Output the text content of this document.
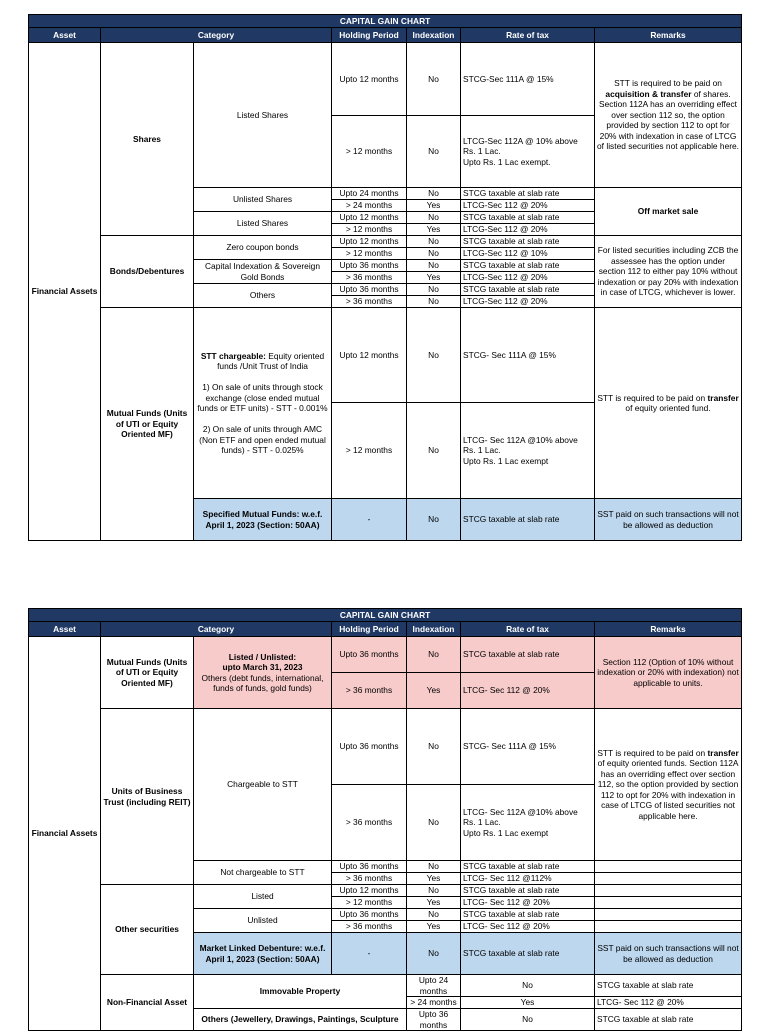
CAPITAL GAIN CHART						
Asset	Category		Holding Period	Indexation	Rate of tax	Remarks
Financial Assets	Shares	Listed Shares	Upto 12 months	No	STCG-Sec 111A @ 15%	STT is required to be paid on acquisition & transfer of shares. Section 112A has an overriding effect over section 112 so, the option provided by section 112 to opt for 20% with indexation in case of LTCG of listed securities not applicable here.
			> 12 months	No	LTCG-Sec 112A @ 10% above
Rs. 1 Lac.
Upto Rs. 1 Lac exempt.	

		Unlisted Shares	Upto 24 months	No	STCG taxable at slab rate	Off market sale
			> 24 months	Yes	LTCG-Sec 112 @ 20%	
		Listed Shares	Upto 12 months	No	STCG taxable at slab rate	
			> 12 months	Yes	LTCG-Sec 112 @ 20%	
	Bonds/Debentures	Zero coupon bonds	Upto 12 months	No	STCG taxable at slab rate	For listed securities including ZCB the assessee has the option under section 112 to either pay 10% without indexation or pay 20% with indexation in case of LTCG, whichever is lower.
			> 12 months	No	LTCG-Sec 112 @ 10%	
		Capital Indexation & Sovereign Gold Bonds	Upto 36 months	No	STCG taxable at slab rate	
			> 36 months	Yes	LTCG-Sec 112 @ 20%	
		Others	Upto 36 months	No	STCG taxable at slab rate	
			> 36 months	No	LTCG-Sec 112 @ 20%	
	Mutual Funds (Units of UTI or Equity Oriented MF)	STT chargeable: Equity oriented funds /Unit Trust of India

1) On sale of units through stock exchange (close ended mutual funds or ETF units) - STT - 0.001%

2) On sale of units through AMC (Non ETF and open ended mutual funds) - STT - 0.025%	Upto 12 months	No	STCG- Sec 111A @ 15%	STT is required to be paid on transfer of equity oriented fund.
			> 12 months	No	LTCG- Sec 112A @10% above
Rs. 1 Lac.
Upto Rs. 1 Lac exempt	

		Specified Mutual Funds: w.e.f. April 1, 2023 (Section: 50AA)	-	No	STCG taxable at slab rate	SST paid on such transactions will not be allowed as deduction
CAPITAL GAIN CHART							
Asset	Category		Holding Period	Indexation	Rate of tax	Remarks	
Financial Assets	Mutual Funds (Units of UTI or Equity Oriented MF)	Listed / Unlisted:
upto March 31, 2023
Others (debt funds, international, funds of funds, gold funds)	Upto 36 months	No	STCG taxable at slab rate	Section 112 (Option of 10% without indexation or 20% with indexation) not applicable to units.	
			> 36 months	Yes	LTCG- Sec 112 @ 20%		
	Units of Business Trust (including REIT)	Chargeable to STT	Upto 36 months	No	STCG- Sec 111A @ 15%	STT is required to be paid on transfer of equity oriented funds. Section 112A has an overriding effect over section 112, so the option provided by section 112 to opt for 20% with indexation in case of LTCG of listed securities not applicable here.	
			> 36 months	No	LTCG- Sec 112A @10% above
Rs. 1 Lac.
Upto Rs. 1 Lac exempt		

		Not chargeable to STT	Upto 36 months	No	STCG taxable at slab rate		
			> 36 months	Yes	LTCG- Sec 112 @112%		
	Other securities	Listed	Upto 12 months	No	STCG taxable at slab rate		
			> 12 months	Yes	LTCG- Sec 112 @ 20%		
		Unlisted	Upto 36 months	No	STCG taxable at slab rate		
			> 36 months	Yes	LTCG- Sec 112 @ 20%		
		Market Linked Debenture: w.e.f. April 1, 2023 (Section: 50AA)	-	No	STCG taxable at slab rate	SST paid on such transactions will not be allowed as deduction	
	Non-Financial Asset	Immovable Property		Upto 24 months	No	STCG taxable at slab rate	
				> 24 months	Yes	LTCG- Sec 112 @ 20%	
		Others (Jewellery, Drawings, Paintings, Sculpture		Upto 36 months	No	STCG taxable at slab rate	
